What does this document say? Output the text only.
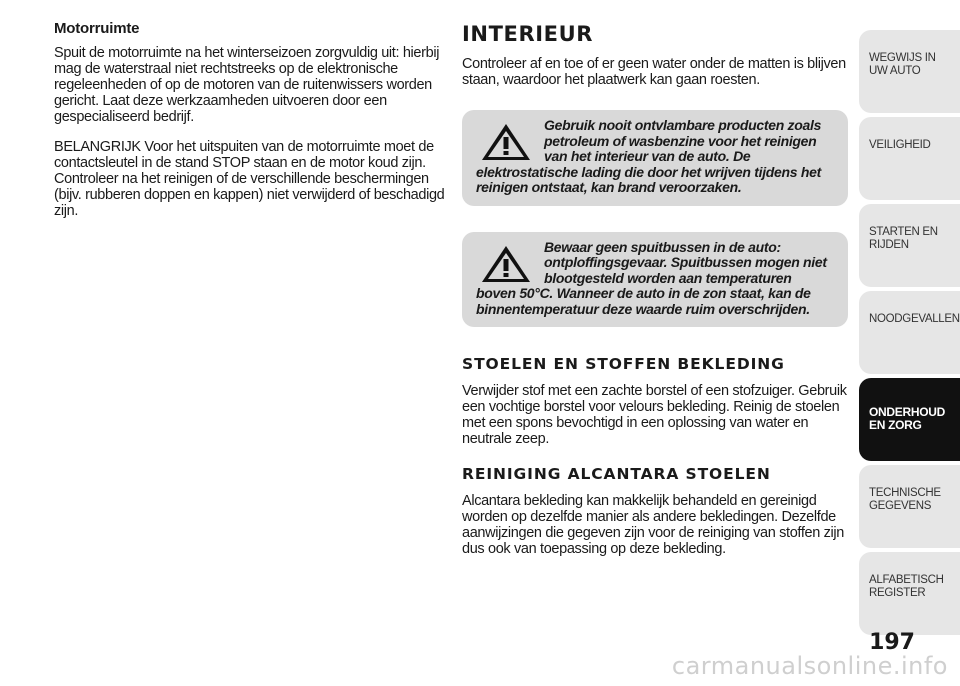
Motorruimte

Spuit de motorruimte na het winterseizoen zorgvuldig uit: hierbij mag de waterstraal niet rechtstreeks op de elektronische regeleenheden of op de motoren van de ruitenwissers worden gericht. Laat deze werkzaamheden uitvoeren door een gespecialiseerd bedrijf.

BELANGRIJK Voor het uitspuiten van de motorruimte moet de contactsleutel in de stand STOP staan en de motor koud zijn. Controleer na het reinigen of de verschillende beschermingen (bijv. rubberen doppen en kappen) niet verwijderd of beschadigd zijn.

INTERIEUR

Controleer af en toe of er geen water onder de matten is blijven staan, waardoor het plaatwerk kan gaan roesten.

Gebruik nooit ontvlambare producten zoals petroleum of wasbenzine voor het reinigen van het interieur van de auto. De elektrostatische lading die door het wrijven tijdens het reinigen ontstaat, kan brand veroorzaken.
Bewaar geen spuitbussen in de auto: ontploffingsgevaar. Spuitbussen mogen niet blootgesteld worden aan temperaturen boven 50°C. Wanneer de auto in de zon staat, kan de binnentemperatuur deze waarde ruim overschrijden.
STOELEN EN STOFFEN BEKLEDING

Verwijder stof met een zachte borstel of een stofzuiger. Gebruik een vochtige borstel voor velours bekleding. Reinig de stoelen met een spons bevochtigd in een oplossing van water en neutrale zeep.

REINIGING ALCANTARA STOELEN

Alcantara bekleding kan makkelijk behandeld en gereinigd worden op dezelfde manier als andere bekledingen. Dezelfde aanwijzingen die gegeven zijn voor de reiniging van stoffen zijn dus ook van toepassing op deze bekleding.

WEGWIJS IN UW AUTO
VEILIGHEID
STARTEN EN RIJDEN
NOODGEVALLEN
ONDERHOUD EN ZORG
TECHNISCHE GEGEVENS
ALFABETISCH REGISTER
197
carmanualsonline.info
